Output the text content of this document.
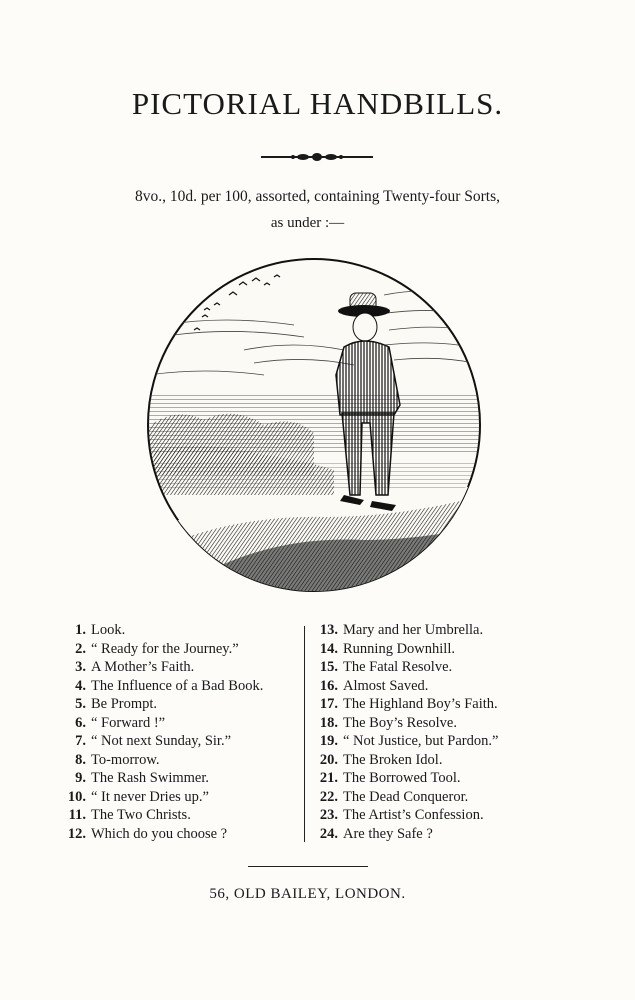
PICTORIAL HANDBILLS.
8vo., 10d. per 100, assorted, containing Twenty-four Sorts,
as under :—
1. Look.
2. “ Ready for the Journey.”
3. A Mother’s Faith.
4. The Influence of a Bad Book.
5. Be Prompt.
6. “ Forward !”
7. “ Not next Sunday, Sir.”
8. To-morrow.
9. The Rash Swimmer.
10. “ It never Dries up.”
11. The Two Christs.
12. Which do you choose ?
13. Mary and her Umbrella.
14. Running Downhill.
15. The Fatal Resolve.
16. Almost Saved.
17. The Highland Boy’s Faith.
18. The Boy’s Resolve.
19. “ Not Justice, but Pardon.”
20. The Broken Idol.
21. The Borrowed Tool.
22. The Dead Conqueror.
23. The Artist’s Confession.
24. Are they Safe ?
56, OLD BAILEY, LONDON.
